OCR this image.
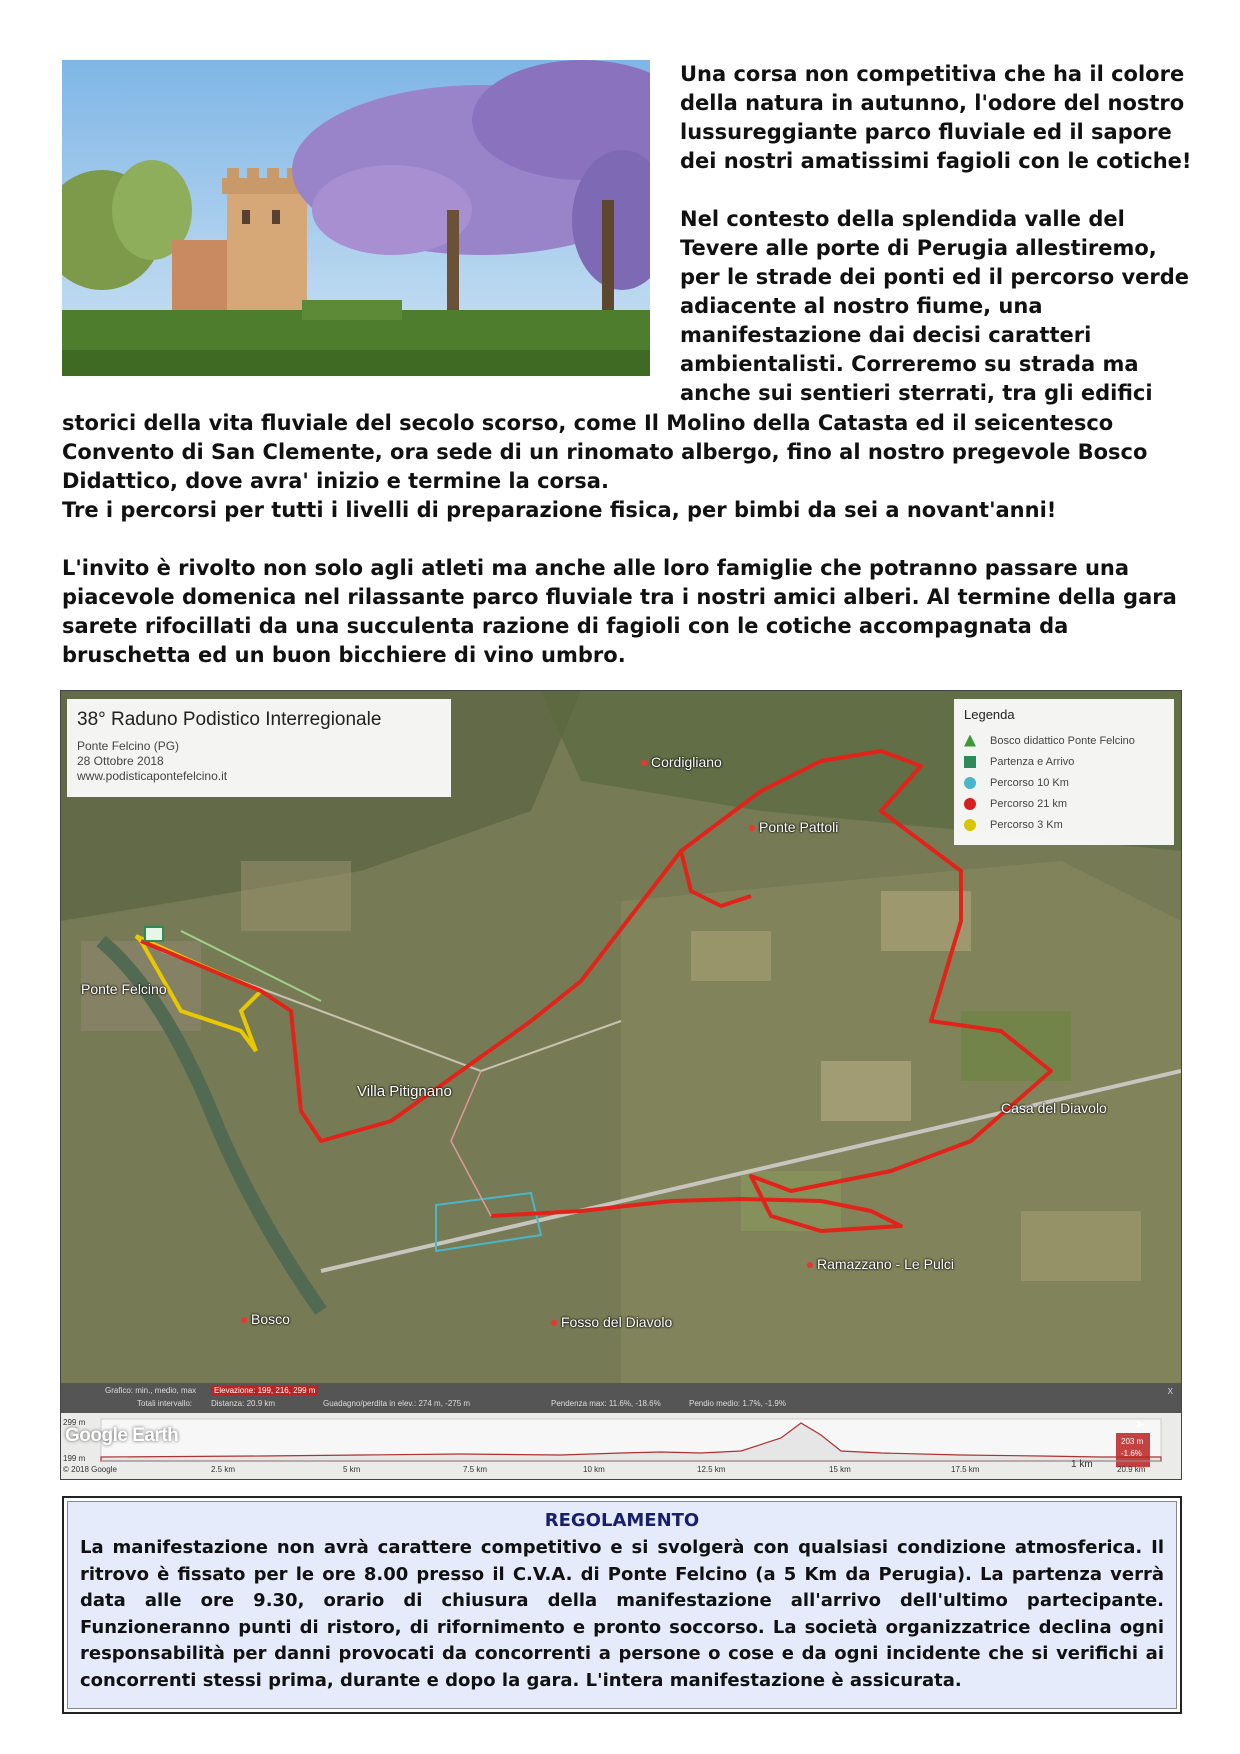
Una corsa non competitiva che ha il colore della natura in autunno, l'odore del nostro lussureggiante parco fluviale ed il sapore dei nostri amatissimi fagioli con le cotiche!

Nel contesto della splendida valle del Tevere alle porte di Perugia allestiremo, per le strade dei ponti ed il percorso verde adiacente al nostro fiume, una manifestazione dai decisi caratteri ambientalisti. Correremo su strada ma anche sui sentieri sterrati, tra gli edifici

storici della vita fluviale del secolo scorso, come Il Molino della Catasta ed il seicentesco Convento di San Clemente, ora sede di un rinomato albergo, fino al nostro pregevole Bosco Didattico, dove avra' inizio e termine la corsa.

Tre i percorsi per tutti i livelli di preparazione fisica, per bimbi da sei a novant'anni!

L'invito è rivolto non solo agli atleti ma anche alle loro famiglie che potranno passare una piacevole domenica nel rilassante parco fluviale tra i nostri amici alberi. Al termine della gara sarete rifocillati da una succulenta razione di fagioli con le cotiche accompagnata da bruschetta ed un buon bicchiere di vino umbro.

38° Raduno Podistico Interregionale
Ponte Felcino (PG)
28 Ottobre 2018
www.podisticapontefelcino.it
Legenda
Bosco didattico Ponte Felcino
Partenza e Arrivo
Percorso 10 Km
Percorso 21 km
Percorso 3 Km
Cordigliano
Ponte Pattoli
Ponte Felcino
Villa Pitignano
Casa del Diavolo
Ramazzano - Le Pulci
Bosco	Fosso del Diavolo
Grafico: min., medio, max	Elevazione: 199, 216, 299 m
Totali intervallo: Distanza: 20.9 km	Guadagno/perdita in elev.: 274 m, -275 m	Pendenza max: 11.6%, -18.6%	Pendio medio: 1.7%, -1.9%
X
Google Earth
299 m
199 m
© 2018 Google	2.5 km	5 km	7.5 km	10 km	12.5 km	15 km	17.5 km
203 m
-1.6%
20.9 km
1 km
➤
REGOLAMENTO
La manifestazione non avrà carattere competitivo e si svolgerà con qualsiasi condizione atmosferica. Il ritrovo è fissato per le ore 8.00 presso il C.V.A. di Ponte Felcino (a 5 Km da Perugia). La partenza verrà data alle ore 9.30, orario di chiusura della manifestazione all'arrivo dell'ultimo partecipante. Funzioneranno punti di ristoro, di rifornimento e pronto soccorso. La società organizzatrice declina ogni responsabilità per danni provocati da concorrenti a persone o cose e da ogni incidente che si verifichi ai concorrenti stessi prima, durante e dopo la gara. L'intera manifestazione è assicurata.
